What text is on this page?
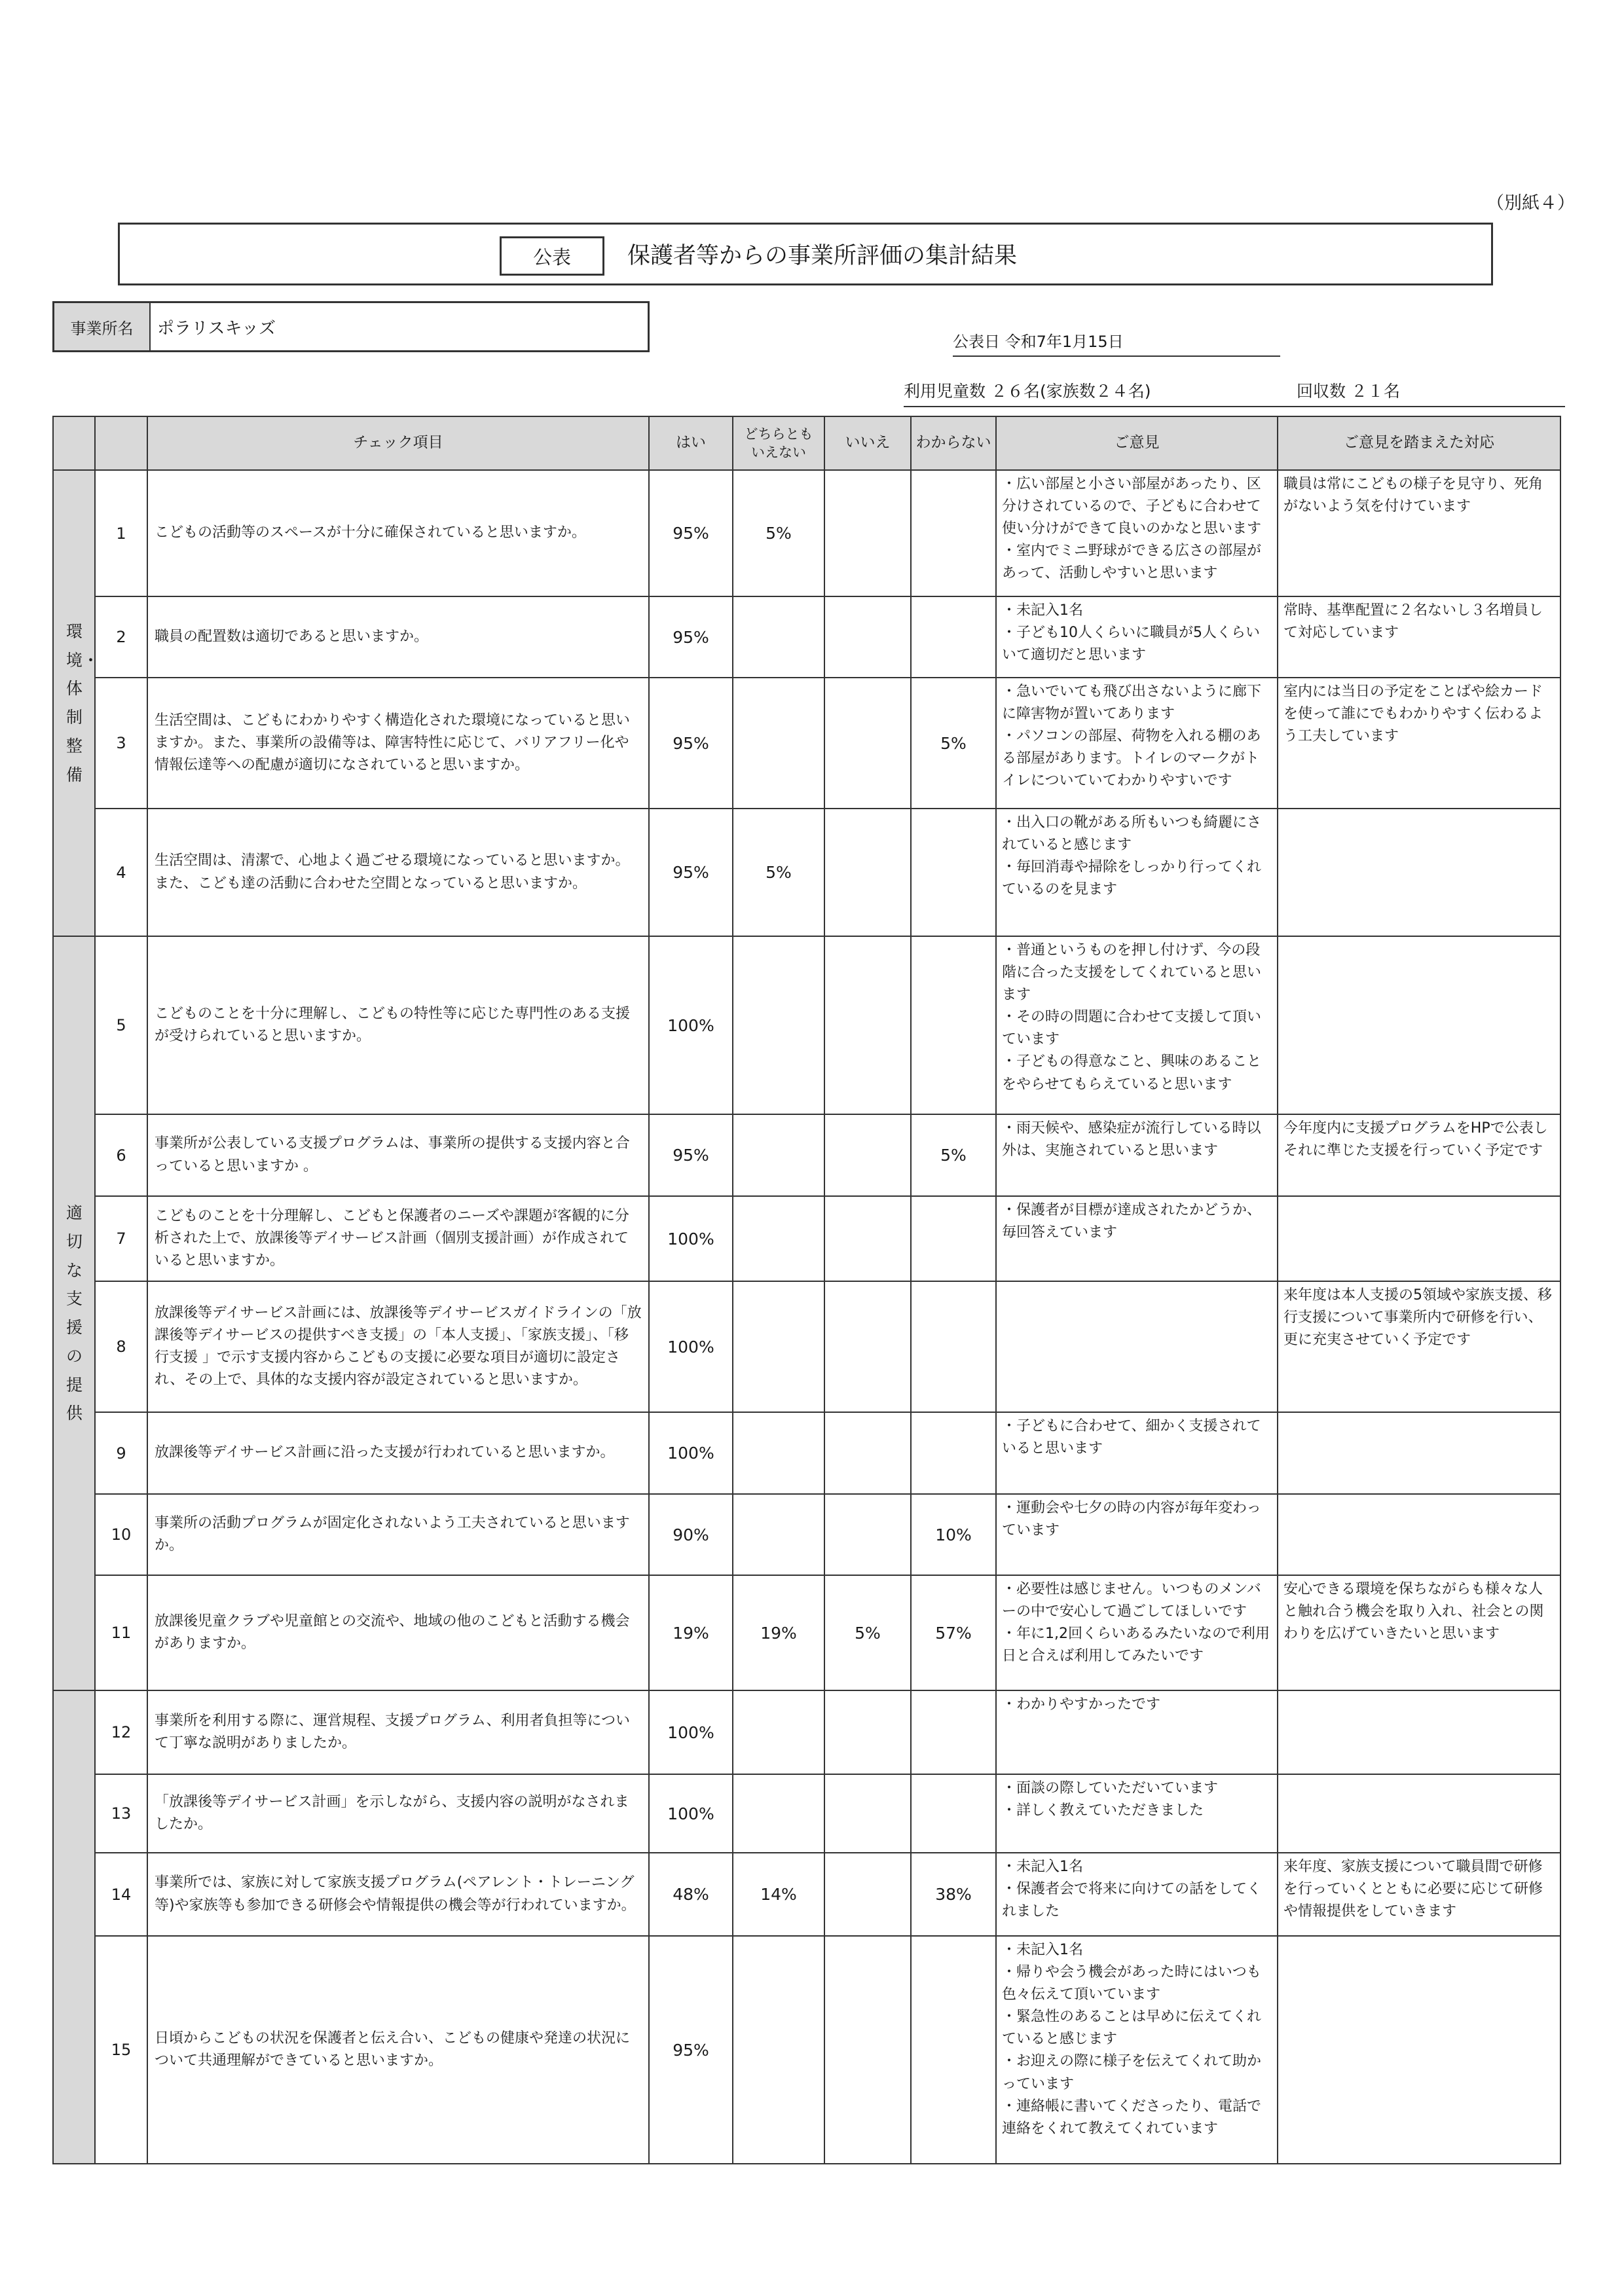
（別紙４）
公表	保護者等からの事業所評価の集計結果
事業所名	ポラリスキッズ
公表日 令和7年1月15日
利用児童数 ２６名(家族数２４名)	回収数 ２１名
		チェック項目	はい	どちらとも
いえない	いいえ	わからない	ご意見	ご意見を踏まえた対応

環境・体制整備	1	こどもの活動等のスペースが十分に確保されていると思いますか。	95%	5%			・広い部屋と小さい部屋があったり、区分けされているので、子どもに合わせて使い分けができて良いのかなと思います
・室内でミニ野球ができる広さの部屋があって、活動しやすいと思います	職員は常にこどもの様子を見守り、死角がないよう気を付けています
	2	職員の配置数は適切であると思いますか。	95%				・未記入1名
・子ども10人くらいに職員が5人くらいいて適切だと思います	常時、基準配置に２名ないし３名増員して対応しています
	3	生活空間は、こどもにわかりやすく構造化された環境になっていると思いますか。また、事業所の設備等は、障害特性に応じて、バリアフリー化や情報伝達等への配慮が適切になされていると思いますか。	95%			5%	・急いでいても飛び出さないように廊下に障害物が置いてあります
・パソコンの部屋、荷物を入れる棚のある部屋があります。トイレのマークがトイレについていてわかりやすいです	室内には当日の予定をことばや絵カードを使って誰にでもわかりやすく伝わるよう工夫しています
	4	生活空間は、清潔で、心地よく過ごせる環境になっていると思いますか。また、こども達の活動に合わせた空間となっていると思いますか。	95%	5%			・出入口の靴がある所もいつも綺麗にされていると感じます
・毎回消毒や掃除をしっかり行ってくれているのを見ます	

適切な支援の提供	5	こどものことを十分に理解し、こどもの特性等に応じた専門性のある支援が受けられていると思いますか。	100%				・普通というものを押し付けず、今の段階に合った支援をしてくれていると思います
・その時の問題に合わせて支援して頂いています
・子どもの得意なこと、興味のあることをやらせてもらえていると思います	
	6	事業所が公表している支援プログラムは、事業所の提供する支援内容と合っていると思いますか 。	95%			5%	・雨天候や、感染症が流行している時以外は、実施されていると思います	今年度内に支援プログラムをHPで公表しそれに準じた支援を行っていく予定です
	7	こどものことを十分理解し、こどもと保護者のニーズや課題が客観的に分析された上で、放課後等デイサービス計画（個別支援計画）が作成されていると思いますか。	100%				・保護者が目標が達成されたかどうか、毎回答えています	
	8	放課後等デイサービス計画には、放課後等デイサービスガイドラインの「放課後等デイサービスの提供すべき支援」の「本人支援」、「家族支援」、「移行支援 」で示す支援内容からこどもの支援に必要な項目が適切に設定され、その上で、具体的な支援内容が設定されていると思いますか。	100%					来年度は本人支援の5領域や家族支援、移行支援について事業所内で研修を行い、更に充実させていく予定です
	9	放課後等デイサービス計画に沿った支援が行われていると思いますか。	100%				・子どもに合わせて、細かく支援されていると思います	
	10	事業所の活動プログラムが固定化されないよう工夫されていると思いますか。	90%			10%	・運動会や七夕の時の内容が毎年変わっています	
	11	放課後児童クラブや児童館との交流や、地域の他のこどもと活動する機会がありますか。	19%	19%	5%	57%	・必要性は感じません。いつものメンバーの中で安心して過ごしてほしいです
・年に1,2回くらいあるみたいなので利用日と合えば利用してみたいです	安心できる環境を保ちながらも様々な人と触れ合う機会を取り入れ、社会との関わりを広げていきたいと思います
	12	事業所を利用する際に、運営規程、支援プログラム、利用者負担等について丁寧な説明がありましたか。	100%				・わかりやすかったです	
	13	「放課後等デイサービス計画」を示しながら、支援内容の説明がなされましたか。	100%				・面談の際していただいています
・詳しく教えていただきました	
	14	事業所では、家族に対して家族支援プログラム(ペアレント・トレーニング等)や家族等も参加できる研修会や情報提供の機会等が行われていますか。	48%	14%		38%	・未記入1名
・保護者会で将来に向けての話をしてくれました	来年度、家族支援について職員間で研修を行っていくとともに必要に応じて研修や情報提供をしていきます
	15	日頃からこどもの状況を保護者と伝え合い、こどもの健康や発達の状況について共通理解ができていると思いますか。	95%				・未記入1名
・帰りや会う機会があった時にはいつも色々伝えて頂いています
・緊急性のあることは早めに伝えてくれていると感じます
・お迎えの際に様子を伝えてくれて助かっています
・連絡帳に書いてくださったり、電話で連絡をくれて教えてくれています	
